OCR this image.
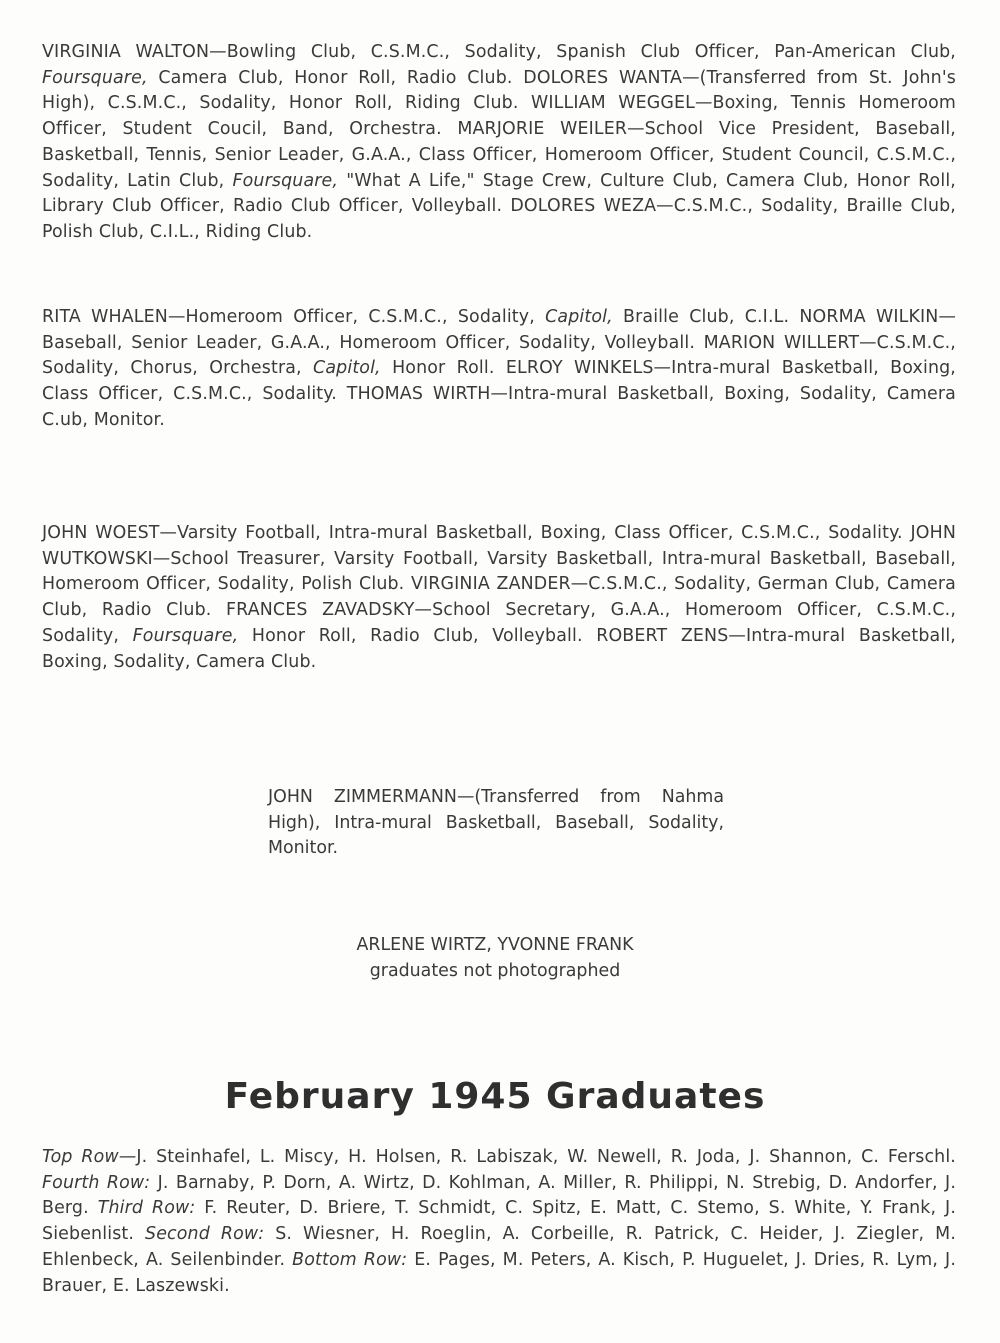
VIRGINIA WALTON—Bowling Club, C.S.M.C., Sodality, Spanish Club Officer, Pan-American Club, Foursquare, Camera Club, Honor Roll, Radio Club. DOLORES WANTA—(Transferred from St. John's High), C.S.M.C., Sodality, Honor Roll, Riding Club. WILLIAM WEGGEL—Boxing, Tennis Homeroom Officer, Student Coucil, Band, Orchestra. MARJORIE WEILER—School Vice President, Baseball, Basketball, Tennis, Senior Leader, G.A.A., Class Officer, Homeroom Officer, Student Council, C.S.M.C., Sodality, Latin Club, Foursquare, "What A Life," Stage Crew, Culture Club, Camera Club, Honor Roll, Library Club Officer, Radio Club Officer, Volleyball. DOLORES WEZA—C.S.M.C., Sodality, Braille Club, Polish Club, C.I.L., Riding Club.

RITA WHALEN—Homeroom Officer, C.S.M.C., Sodality, Capitol, Braille Club, C.I.L. NORMA WILKIN—Baseball, Senior Leader, G.A.A., Homeroom Officer, Sodality, Volleyball. MARION WILLERT—C.S.M.C., Sodality, Chorus, Orchestra, Capitol, Honor Roll. ELROY WINKELS—Intra-mural Basketball, Boxing, Class Officer, C.S.M.C., Sodality. THOMAS WIRTH—Intra-mural Basketball, Boxing, Sodality, Camera C.ub, Monitor.

JOHN WOEST—Varsity Football, Intra-mural Basketball, Boxing, Class Officer, C.S.M.C., Sodality. JOHN WUTKOWSKI—School Treasurer, Varsity Football, Varsity Basketball, Intra-mural Basketball, Baseball, Homeroom Officer, Sodality, Polish Club. VIRGINIA ZANDER—C.S.M.C., Sodality, German Club, Camera Club, Radio Club. FRANCES ZAVADSKY—School Secretary, G.A.A., Homeroom Officer, C.S.M.C., Sodality, Foursquare, Honor Roll, Radio Club, Volleyball. ROBERT ZENS—Intra-mural Basketball, Boxing, Sodality, Camera Club.

JOHN ZIMMERMANN—(Transferred from Nahma High), Intra-mural Basketball, Baseball, Sodality, Monitor.

ARLENE WIRTZ, YVONNE FRANK
graduates not photographed
February 1945 Graduates

Top Row—J. Steinhafel, L. Miscy, H. Holsen, R. Labiszak, W. Newell, R. Joda, J. Shannon, C. Ferschl. Fourth Row: J. Barnaby, P. Dorn, A. Wirtz, D. Kohlman, A. Miller, R. Philippi, N. Strebig, D. Andorfer, J. Berg. Third Row: F. Reuter, D. Briere, T. Schmidt, C. Spitz, E. Matt, C. Stemo, S. White, Y. Frank, J. Siebenlist. Second Row: S. Wiesner, H. Roeglin, A. Corbeille, R. Patrick, C. Heider, J. Ziegler, M. Ehlenbeck, A. Seilenbinder. Bottom Row: E. Pages, M. Peters, A. Kisch, P. Huguelet, J. Dries, R. Lym, J. Brauer, E. Laszewski.
